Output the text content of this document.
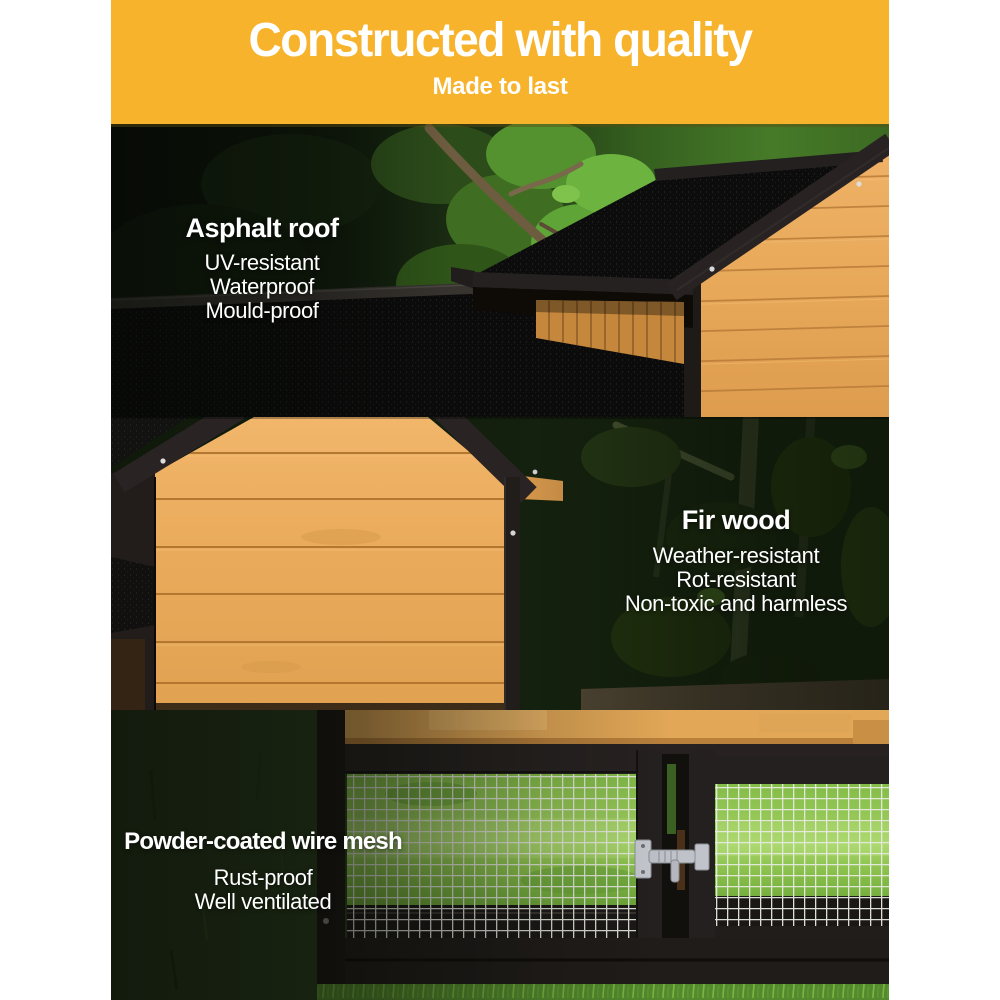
Constructed with quality

Made to last

Asphalt roof

UV-resistant

Waterproof

Mould-proof

Fir wood

Weather-resistant

Rot-resistant

Non-toxic and harmless

Powder-coated wire mesh

Rust-proof

Well ventilated
